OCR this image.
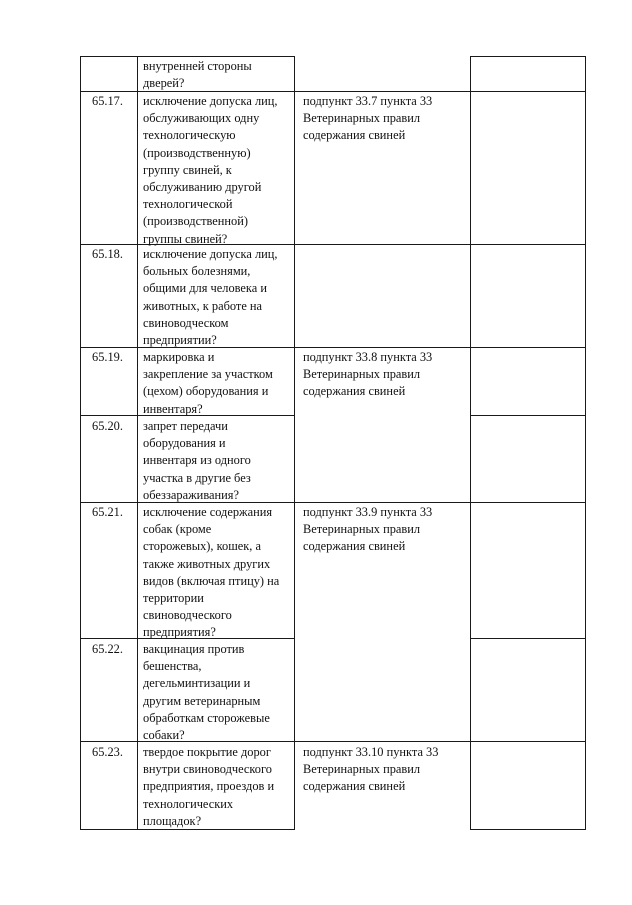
внутренней стороны
дверей?
65.17. исключение допуска лиц,
обслуживающих одну
технологическую
(производственную)
группу свиней, к
обслуживанию другой
технологической
(производственной)
группы свиней?
подпункт 33.7 пункта 33
Ветеринарных правил
содержания свиней
65.18. исключение допуска лиц,
больных болезнями,
общими для человека и
животных, к работе на
свиноводческом
предприятии?
65.19. маркировка и
закрепление за участком
(цехом) оборудования и
инвентаря?
подпункт 33.8 пункта 33
Ветеринарных правил
содержания свиней
65.20. запрет передачи
оборудования и
инвентаря из одного
участка в другие без
обеззараживания?
65.21. исключение содержания
собак (кроме
сторожевых), кошек, а
также животных других
видов (включая птицу) на
территории
свиноводческого
предприятия?
подпункт 33.9 пункта 33
Ветеринарных правил
содержания свиней
65.22. вакцинация против
бешенства,
дегельминтизации и
другим ветеринарным
обработкам сторожевые
собаки?
65.23. твердое покрытие дорог
внутри свиноводческого
предприятия, проездов и
технологических
площадок?
подпункт 33.10 пункта 33
Ветеринарных правил
содержания свиней
